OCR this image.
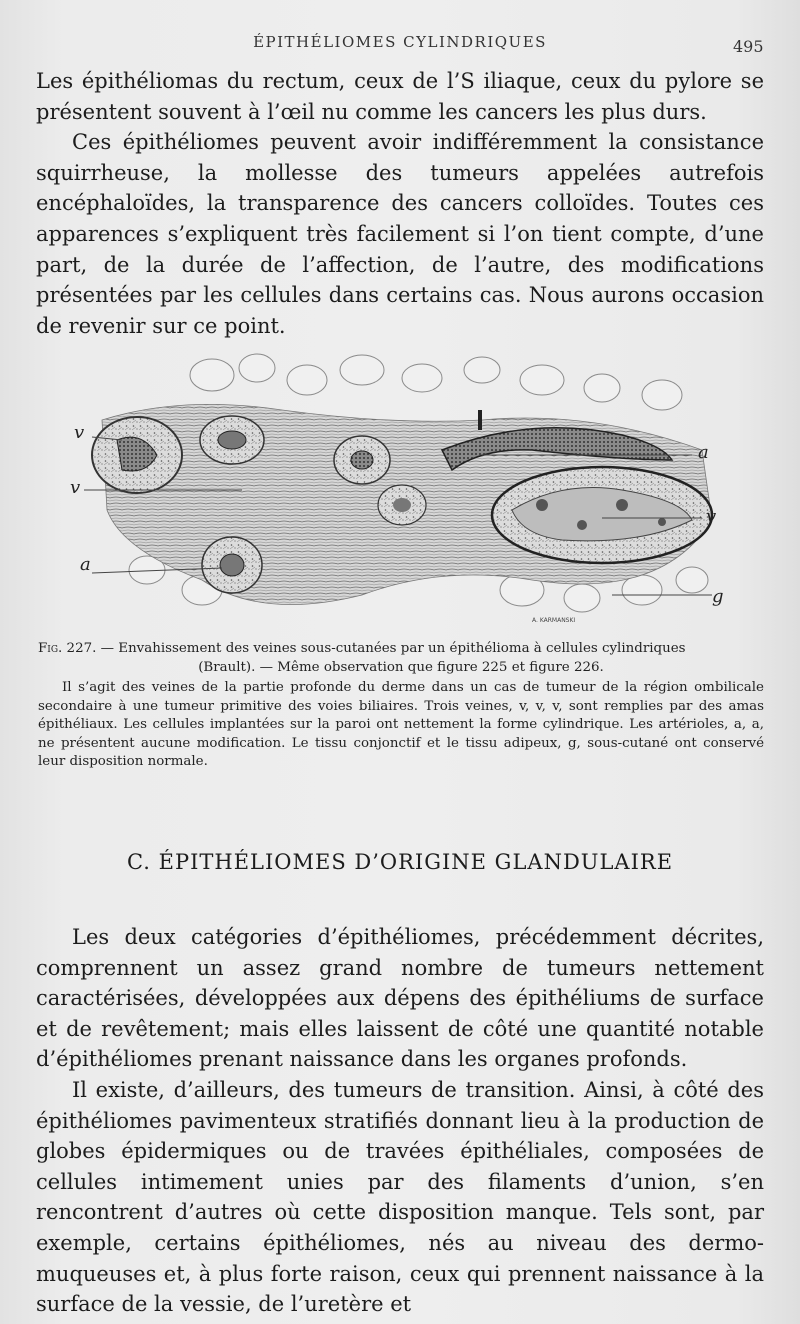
ÉPITHÉLIOMES CYLINDRIQUES	495

Les épithéliomas du rectum, ceux de l’S iliaque, ceux du pylore se présentent souvent à l’œil nu comme les cancers les plus durs.

Ces épithéliomes peuvent avoir indifféremment la consistance squirrheuse, la mollesse des tumeurs appelées autrefois encéphaloïdes, la transparence des cancers colloïdes. Toutes ces apparences s’expliquent très facilement si l’on tient compte, d’une part, de la durée de l’affection, de l’autre, des modifications présentées par les cellules dans certains cas. Nous aurons occasion de revenir sur ce point.

v
v
a
a
v
g
A. KARMANSKI

Fig. 227. — Envahissement des veines sous-cutanées par un épithélioma à cellules cylindriques

(Brault). — Même observation que figure 225 et figure 226.

Il s’agit des veines de la partie profonde du derme dans un cas de tumeur de la région ombilicale secondaire à une tumeur primitive des voies biliaires. Trois veines, v, v, v, sont remplies par des amas épithéliaux. Les cellules implantées sur la paroi ont nettement la forme cylindrique. Les artérioles, a, a, ne présentent aucune modification. Le tissu conjonctif et le tissu adipeux, g, sous-cutané ont conservé leur disposition normale.

C. ÉPITHÉLIOMES D’ORIGINE GLANDULAIRE

Les deux catégories d’épithéliomes, précédemment décrites, comprennent un assez grand nombre de tumeurs nettement caractérisées, développées aux dépens des épithéliums de surface et de revêtement; mais elles laissent de côté une quantité notable d’épithéliomes prenant naissance dans les organes profonds.

Il existe, d’ailleurs, des tumeurs de transition. Ainsi, à côté des épithéliomes pavimenteux stratifiés donnant lieu à la production de globes épidermiques ou de travées épithéliales, composées de cellules intimement unies par des filaments d’union, s’en rencontrent d’autres où cette disposition manque. Tels sont, par exemple, certains épithéliomes, nés au niveau des dermo-muqueuses et, à plus forte raison, ceux qui prennent naissance à la surface de la vessie, de l’uretère et
